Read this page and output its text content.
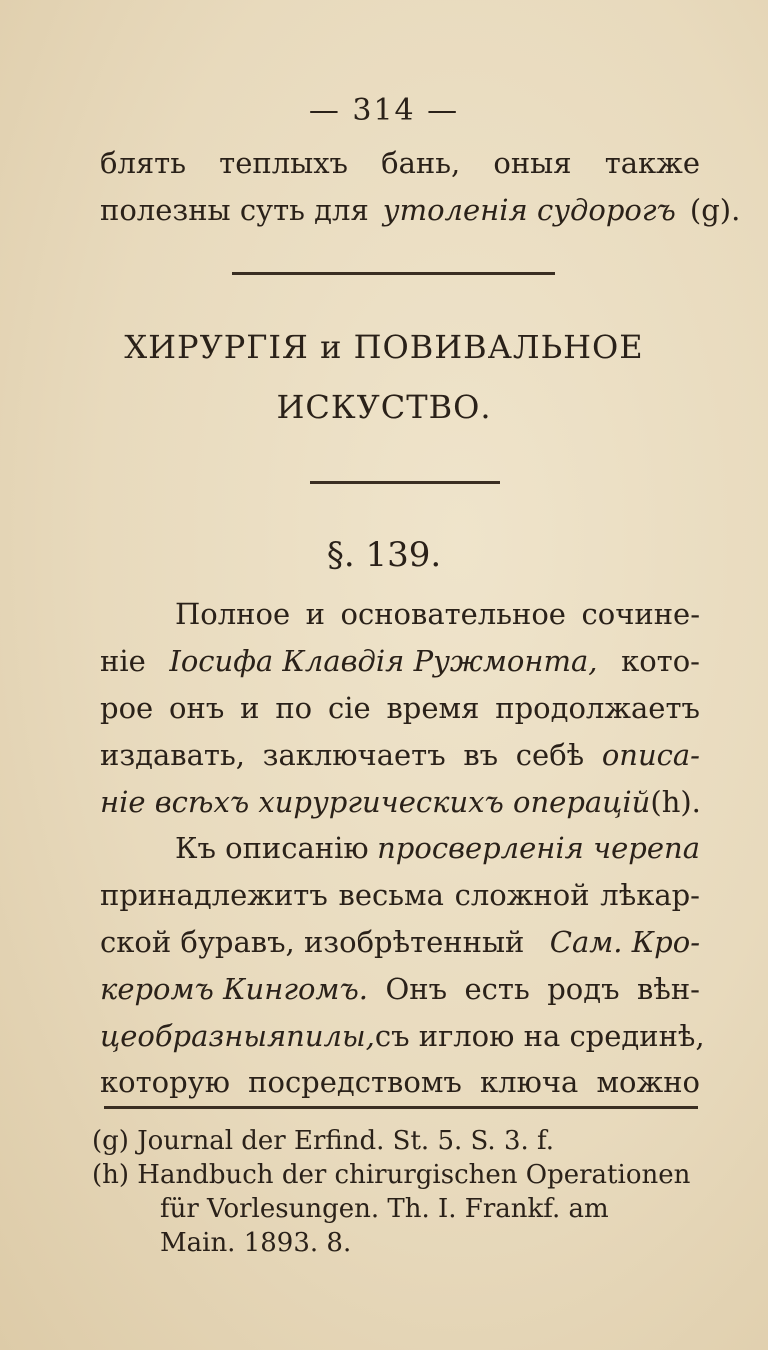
— 314 —
блять теплыхъ бань, оныя также
полезны суть для утоленія судорогъ (g).
ХИРУРГІЯ и ПОВИВАЛЬНОЕ
ИСКУСТВО.
§. 139.
Полное и основательное сочине-
ніе Іосифа Клавдія Ружмонта, кото-
рое онъ и по сіе время продолжаетъ
издавать, заключаетъ въ себѣ описа-
ніе всѣхъ хирургическихъ операцій (h).
Къ описанію просверленія черепа
принадлежитъ весьма сложной лѣкар-
ской буравъ, изобрѣтенный Сам. Кро-
керомъ Кингомъ. Онъ есть родъ вѣн-
цеобразныя пилы, съ иглою на срединѣ,
которую посредствомъ ключа можно
(g) Journal der Erfind. St. 5. S. 3. f.
(h) Handbuch der chirurgischen Operationen
für Vorlesungen. Th. I. Frankf. am
Main. 1893. 8.
